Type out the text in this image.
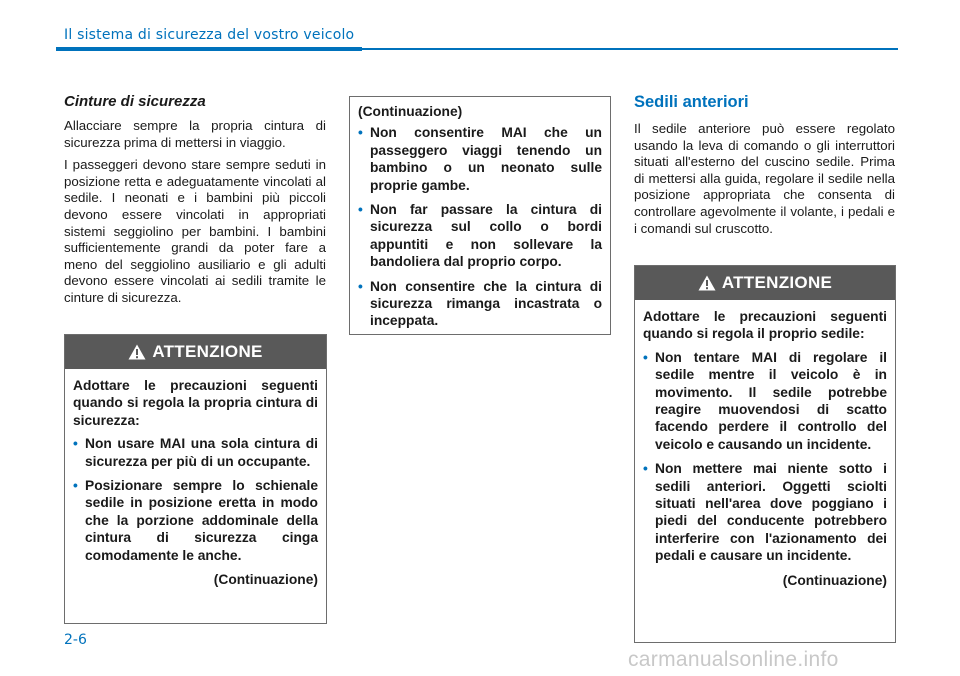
Il sistema di sicurezza del vostro veicolo
Cinture di sicurezza

Allacciare sempre la propria cintura di sicurezza prima di mettersi in viaggio.

I passeggeri devono stare sempre seduti in posizione retta e adeguatamente vincolati al sedile. I neonati e i bambini più piccoli devono essere vincolati in appropriati sistemi seggiolino per bambini. I bambini sufficientemente grandi da poter fare a meno del seggiolino ausiliario e gli adulti devono essere vincolati ai sedili tramite le cinture di sicurezza.

ATTENZIONE

Adottare le precauzioni seguenti quando si regola la propria cintura di sicurezza:

• Non usare MAI una sola cintura di sicurezza per più di un occupante.
• Posizionare sempre lo schienale sedile in posizione eretta in modo che la porzione addominale della cintura di sicurezza cinga comodamente le anche.
(Continuazione)

(Continuazione)

• Non consentire MAI che un passeggero viaggi tenendo un bambino o un neonato sulle proprie gambe.
• Non far passare la cintura di sicurezza sul collo o bordi appuntiti e non sollevare la bandoliera dal proprio corpo.
• Non consentire che la cintura di sicurezza rimanga incastrata o inceppata.
Sedili anteriori

Il sedile anteriore può essere regolato usando la leva di comando o gli interruttori situati all'esterno del cuscino sedile. Prima di mettersi alla guida, regolare il sedile nella posizione appropriata che consenta di controllare agevolmente il volante, i pedali e i comandi sul cruscotto.

ATTENZIONE

Adottare le precauzioni seguenti quando si regola il proprio sedile:

• Non tentare MAI di regolare il sedile mentre il veicolo è in movimento. Il sedile potrebbe reagire muovendosi di scatto facendo perdere il controllo del veicolo e causando un incidente.
• Non mettere mai niente sotto i sedili anteriori. Oggetti sciolti situati nell'area dove poggiano i piedi del conducente potrebbero interferire con l'azionamento dei pedali e causare un incidente.
(Continuazione)
2-6
carmanualsonline.info
